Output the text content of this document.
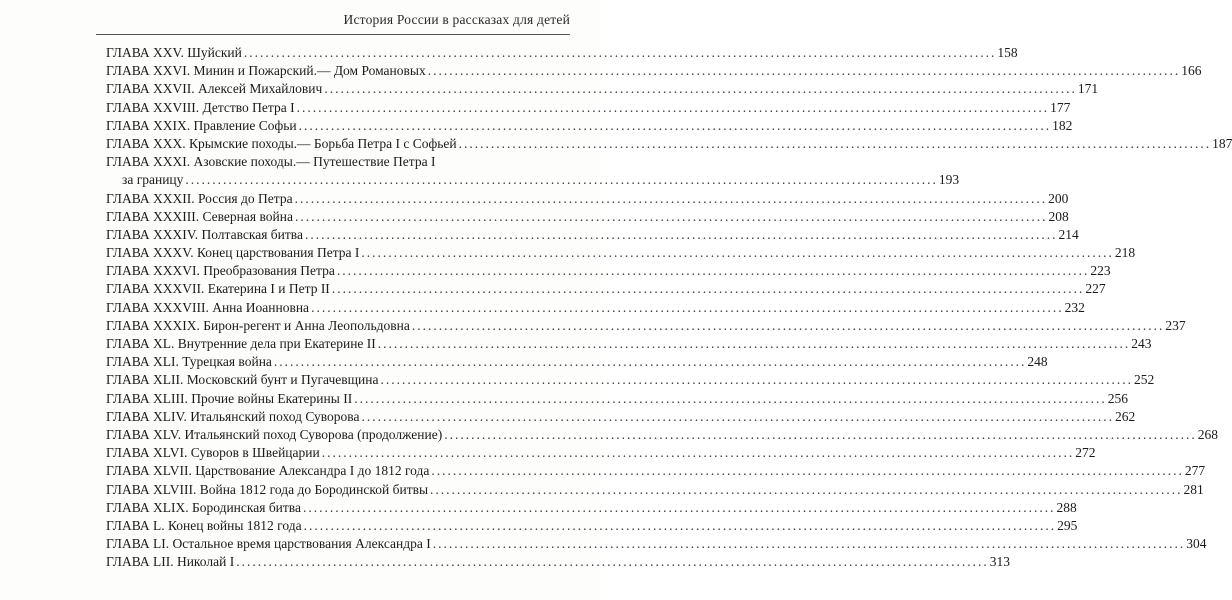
История России в рассказах для детей
ГЛАВА XXV. Шуйский .....	158
ГЛАВА XXVI. Минин и Пожарский.— Дом Романовых .....	166
ГЛАВА XXVII. Алексей Михайлович .....	171
ГЛАВА XXVIII. Детство Петра I .....	177
ГЛАВА XXIX. Правление Софьи .....	182
ГЛАВА XXX. Крымские походы.— Борьба Петра I с Софьей .....	187
ГЛАВА XXXI. Азовские походы.— Путешествие Петра I
за границу .....	193
ГЛАВА XXXII. Россия до Петра .....	200
ГЛАВА XXXIII. Северная война .....	208
ГЛАВА XXXIV. Полтавская битва .....	214
ГЛАВА XXXV. Конец царствования Петра I .....	218
ГЛАВА XXXVI. Преобразования Петра .....	223
ГЛАВА XXXVII. Екатерина I и Петр II .....	227
ГЛАВА XXXVIII. Анна Иоанновна .....	232
ГЛАВА XXXIX. Бирон-регент и Анна Леопольдовна .....	237
ГЛАВА XL. Внутренние дела при Екатерине II .....	243
ГЛАВА XLI. Турецкая война .....	248
ГЛАВА XLII. Московский бунт и Пугачевщина .....	252
ГЛАВА XLIII. Прочие войны Екатерины II .....	256
ГЛАВА XLIV. Итальянский поход Суворова .....	262
ГЛАВА XLV. Итальянский поход Суворова (продолжение) .....	268
ГЛАВА XLVI. Суворов в Швейцарии .....	272
ГЛАВА XLVII. Царствование Александра I до 1812 года .....	277
ГЛАВА XLVIII. Война 1812 года до Бородинской битвы .....	281
ГЛАВА XLIX. Бородинская битва .....	288
ГЛАВА L. Конец войны 1812 года .....	295
ГЛАВА LI. Остальное время царствования Александра I .....	304
ГЛАВА LII. Николай I .....	313
